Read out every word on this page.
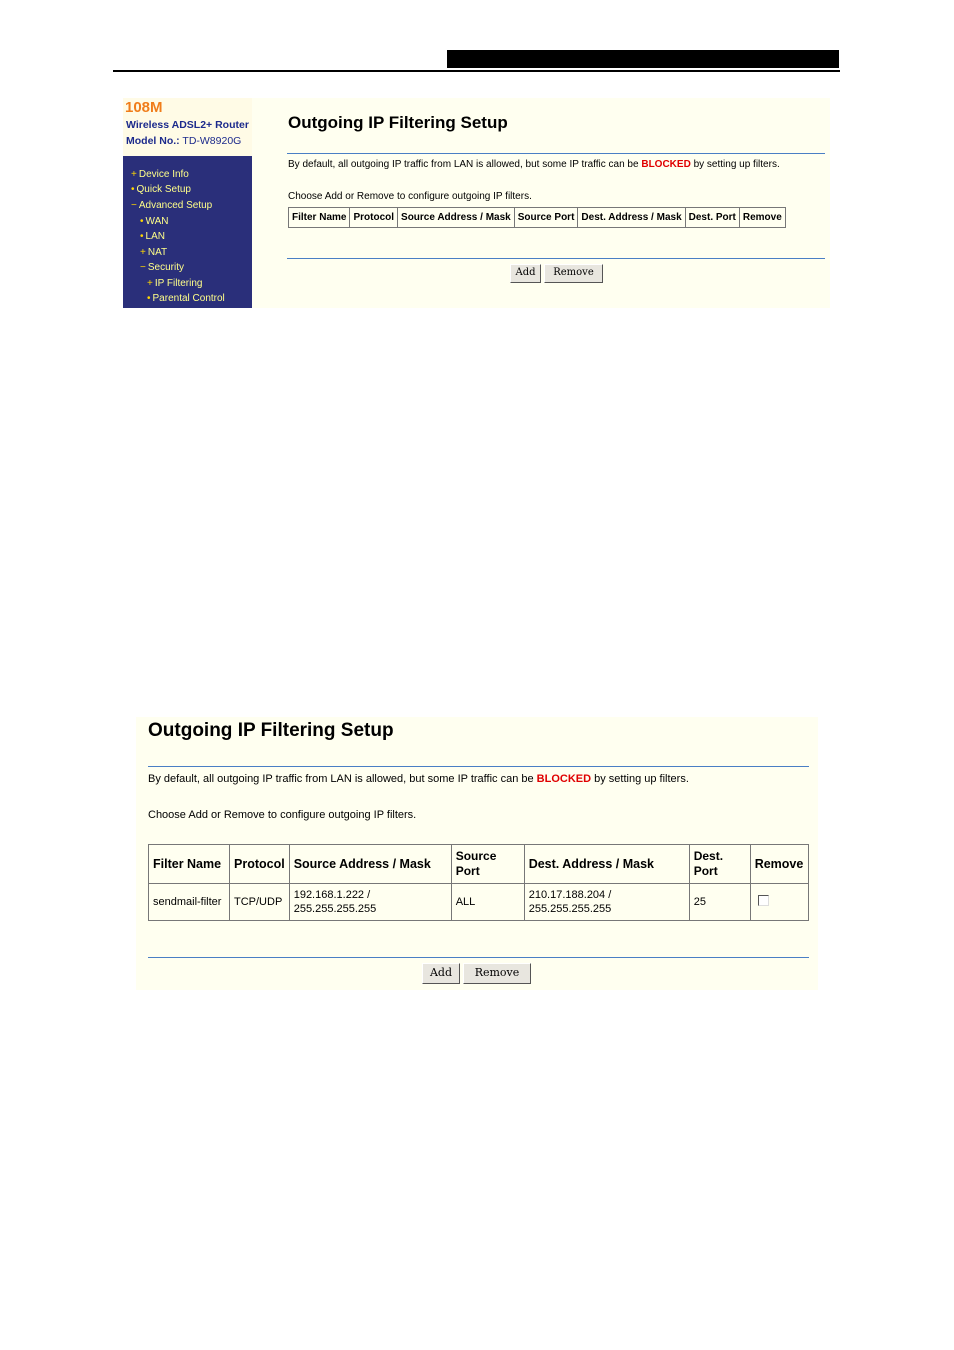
108M
Wireless ADSL2+ Router
Model No.: TD-W8920G
+ Device Info
• Quick Setup
− Advanced Setup
• WAN
• LAN
+ NAT
− Security
+ IP Filtering
• Parental Control
Outgoing IP Filtering Setup
By default, all outgoing IP traffic from LAN is allowed, but some IP traffic can be BLOCKED by setting up filters.
Choose Add or Remove to configure outgoing IP filters.
Filter Name	Protocol	Source Address / Mask	Source Port	Dest. Address / Mask	Dest. Port	Remove
Add	Remove
Outgoing IP Filtering Setup
By default, all outgoing IP traffic from LAN is allowed, but some IP traffic can be BLOCKED by setting up filters.
Choose Add or Remove to configure outgoing IP filters.
Filter Name	Protocol	Source Address / Mask	Source Port	Dest. Address / Mask	Dest. Port	Remove
sendmail-filter	TCP/UDP	192.168.1.222 / 255.255.255.255	ALL	210.17.188.204 / 255.255.255.255	25	
Add	Remove
